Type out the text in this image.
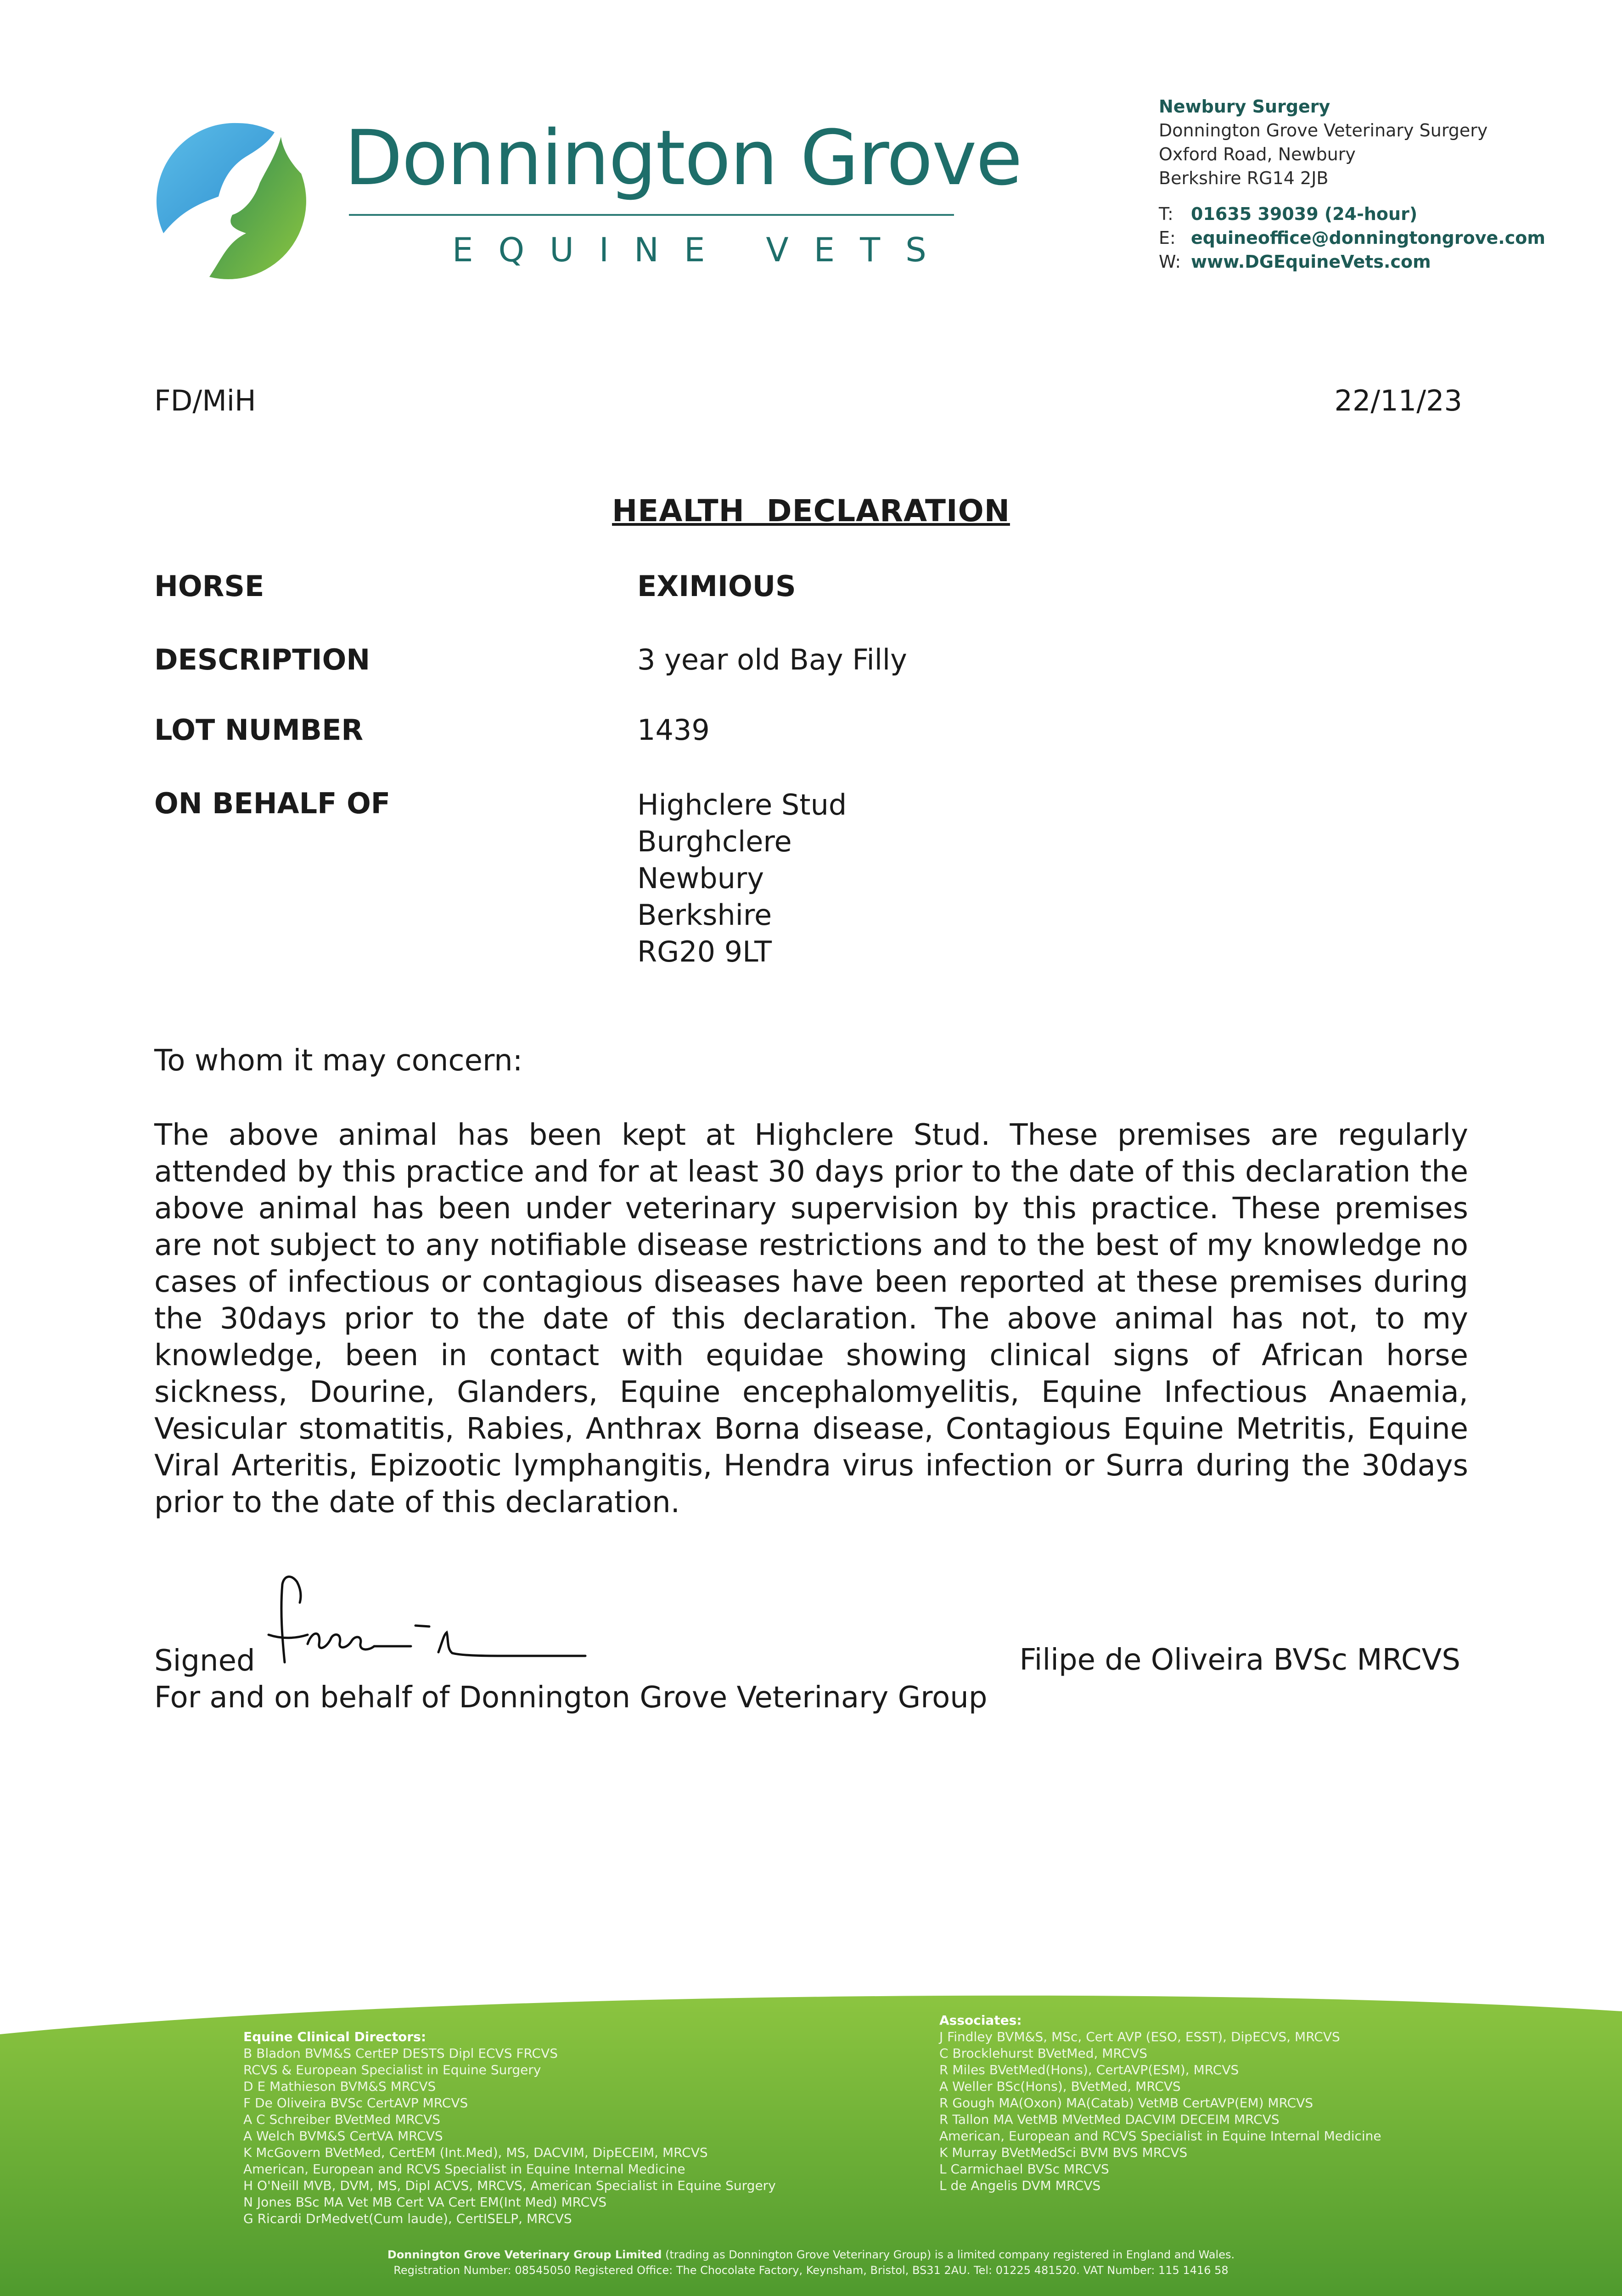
Donnington Grove
EQUINE VETS
Newbury Surgery
Donnington Grove Veterinary Surgery
Oxford Road, Newbury
Berkshire RG14 2JB
T:	01635 39039 (24-hour)
E: equineoffice@donningtongrove.com
W: www.DGEquineVets.com
FD/MiH	22/11/23
HEALTH  DECLARATION
HORSE	EXIMIOUS
DESCRIPTION	3 year old Bay Filly
LOT NUMBER	1439
ON BEHALF OF	Highclere Stud
Burghclere
Newbury
Berkshire
RG20 9LT
To whom it may concern:
The above animal has been kept at Highclere Stud. These premises are regularly attended by this practice and for at least 30 days prior to the date of this declaration the above animal has been under veterinary supervision by this practice. These premises are not subject to any notifiable disease restrictions and to the best of my knowledge no cases of infectious or contagious diseases have been reported at these premises during the 30days prior to the date of this declaration. The above animal has not, to my knowledge, been in contact with equidae showing clinical signs of African horse sickness, Dourine, Glanders, Equine encephalomyelitis, Equine Infectious Anaemia, Vesicular stomatitis, Rabies, Anthrax Borna disease, Contagious Equine Metritis, Equine Viral Arteritis, Epizootic lymphangitis, Hendra virus infection or Surra during the 30days prior to the date of this declaration.
Signed	Filipe de Oliveira BVSc MRCVS
For and on behalf of Donnington Grove Veterinary Group
Equine Clinical Directors:
B Bladon BVM&S CertEP DESTS Dipl ECVS FRCVS
RCVS & European Specialist in Equine Surgery
D E Mathieson BVM&S MRCVS
F De Oliveira BVSc CertAVP MRCVS
A C Schreiber BVetMed MRCVS
A Welch BVM&S CertVA MRCVS
K McGovern BVetMed, CertEM (Int.Med), MS, DACVIM, DipECEIM, MRCVS
American, European and RCVS Specialist in Equine Internal Medicine
H O'Neill MVB, DVM, MS, Dipl ACVS, MRCVS, American Specialist in Equine Surgery
N Jones BSc MA Vet MB Cert VA Cert EM(Int Med) MRCVS
G Ricardi DrMedvet(Cum laude), CertISELP, MRCVS
Associates:
J Findley BVM&S, MSc, Cert AVP (ESO, ESST), DipECVS, MRCVS
C Brocklehurst BVetMed, MRCVS
R Miles BVetMed(Hons), CertAVP(ESM), MRCVS
A Weller BSc(Hons), BVetMed, MRCVS
R Gough MA(Oxon) MA(Catab) VetMB CertAVP(EM) MRCVS
R Tallon MA VetMB MVetMed DACVIM DECEIM MRCVS
American, European and RCVS Specialist in Equine Internal Medicine
K Murray BVetMedSci BVM BVS MRCVS
L Carmichael BVSc MRCVS
L de Angelis DVM MRCVS
Donnington Grove Veterinary Group Limited (trading as Donnington Grove Veterinary Group) is a limited company registered in England and Wales.
Registration Number: 08545050 Registered Office: The Chocolate Factory, Keynsham, Bristol, BS31 2AU. Tel: 01225 481520. VAT Number: 115 1416 58
